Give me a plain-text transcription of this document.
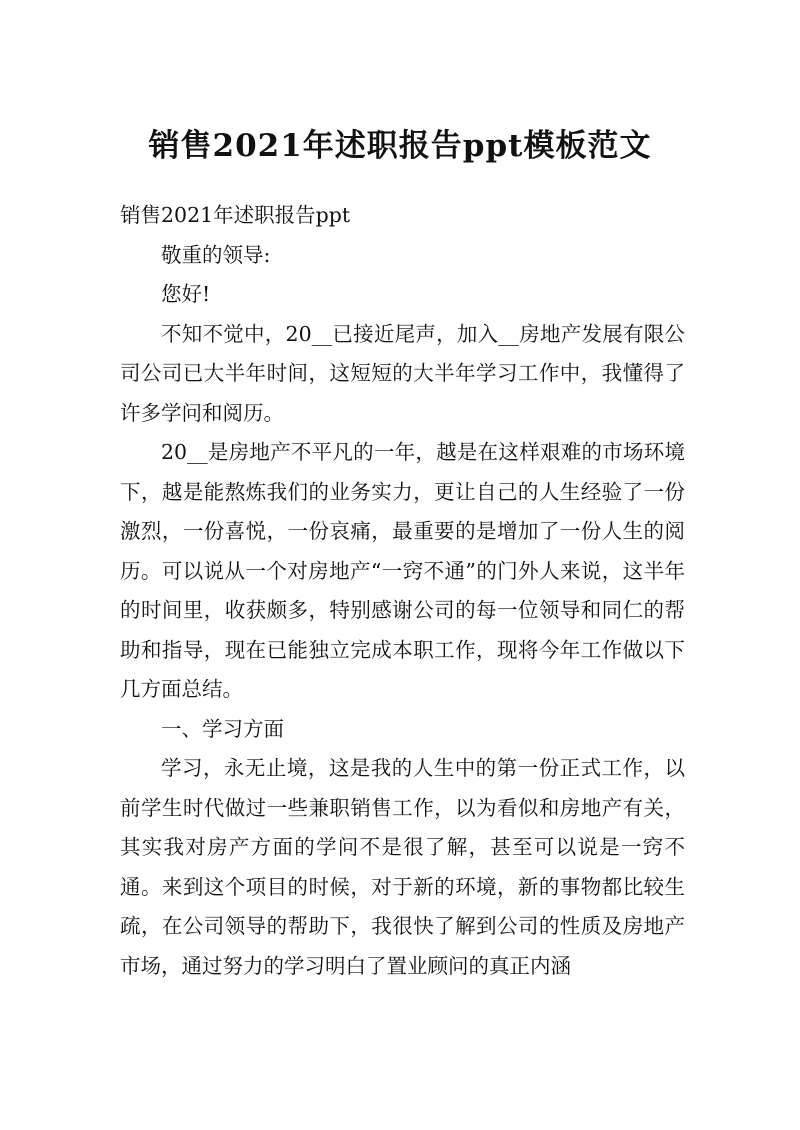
销售2021年述职报告ppt模板范文

销售2021年述职报告ppt

敬重的领导:

您好!

不知不觉中，20__已接近尾声，加入__房地产发展有限公司公司已大半年时间，这短短的大半年学习工作中，我懂得了许多学问和阅历。

20__是房地产不平凡的一年，越是在这样艰难的市场环境下，越是能熬炼我们的业务实力，更让自己的人生经验了一份激烈，一份喜悦，一份哀痛，最重要的是增加了一份人生的阅历。可以说从一个对房地产“一窍不通”的门外人来说，这半年的时间里，收获颇多，特别感谢公司的每一位领导和同仁的帮助和指导，现在已能独立完成本职工作，现将今年工作做以下几方面总结。

一、学习方面

学习，永无止境，这是我的人生中的第一份正式工作，以前学生时代做过一些兼职销售工作，以为看似和房地产有关，其实我对房产方面的学问不是很了解，甚至可以说是一窍不通。来到这个项目的时候，对于新的环境，新的事物都比较生疏，在公司领导的帮助下，我很快了解到公司的性质及房地产市场，通过努力的学习明白了置业顾问的真正内涵
